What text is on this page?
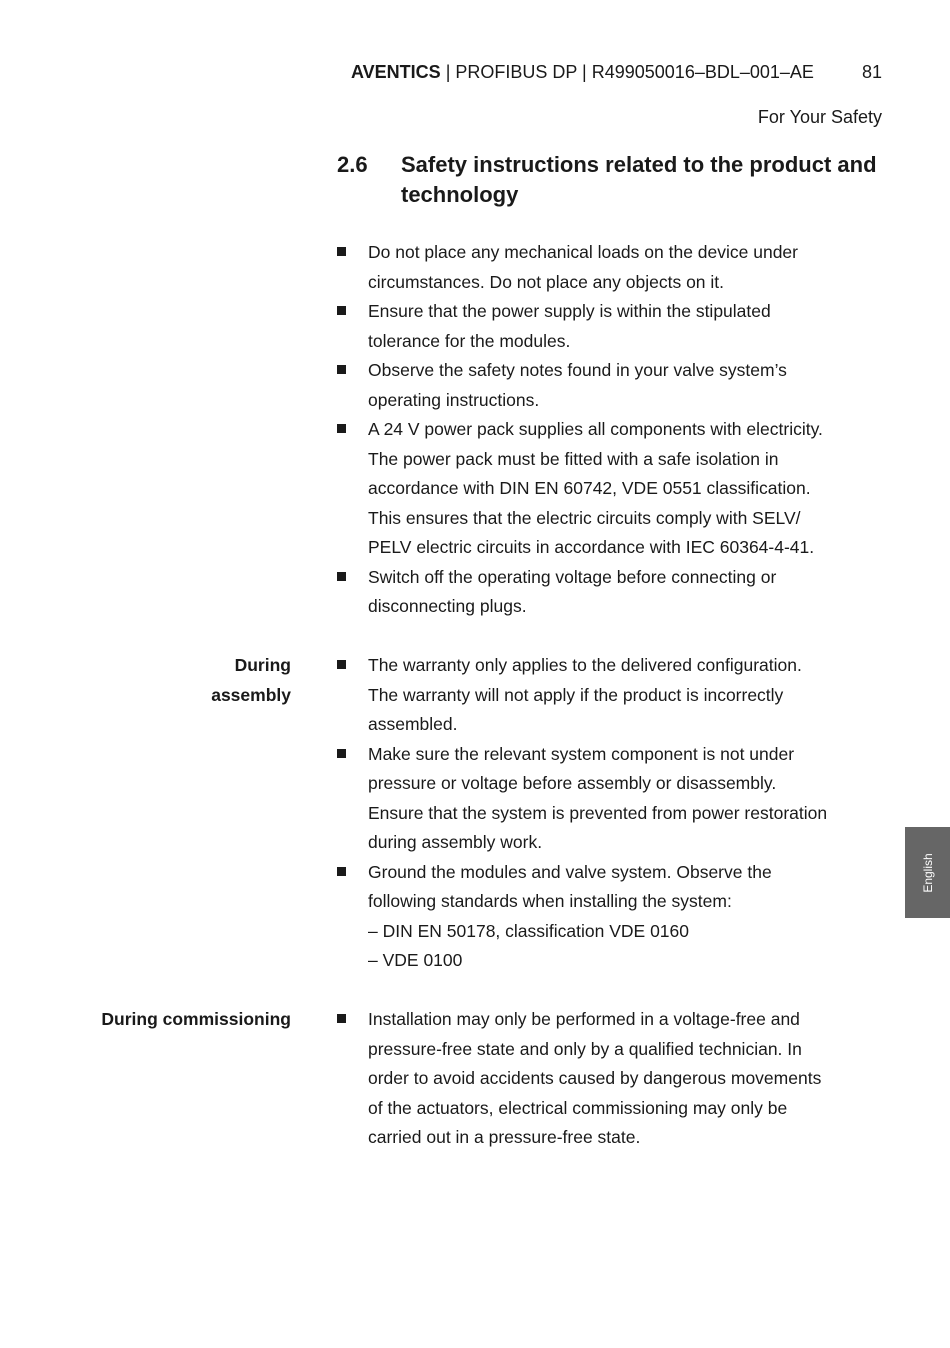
AVENTICS | PROFIBUS DP | R499050016–BDL–001–AE	81
For Your Safety
2.6 Safety instructions related to the product and technology
Do not place any mechanical loads on the device under
circumstances. Do not place any objects on it.
Ensure that the power supply is within the stipulated
tolerance for the modules.
Observe the safety notes found in your valve system’s
operating instructions.
A 24 V power pack supplies all components with electricity.
The power pack must be fitted with a safe isolation in
accordance with DIN EN 60742, VDE 0551 classification.
This ensures that the electric circuits comply with SELV/
PELV electric circuits in accordance with IEC 60364-4-41.
Switch off the operating voltage before connecting or
disconnecting plugs.
During
assembly
The warranty only applies to the delivered configuration.
The warranty will not apply if the product is incorrectly
assembled.
Make sure the relevant system component is not under
pressure or voltage before assembly or disassembly.
Ensure that the system is prevented from power restoration
during assembly work.
Ground the modules and valve system. Observe the
following standards when installing the system:
– DIN EN 50178, classification VDE 0160
– VDE 0100
During commissioning	Installation may only be performed in a voltage-free and
pressure-free state and only by a qualified technician. In
order to avoid accidents caused by dangerous movements
of the actuators, electrical commissioning may only be
carried out in a pressure-free state.
English
